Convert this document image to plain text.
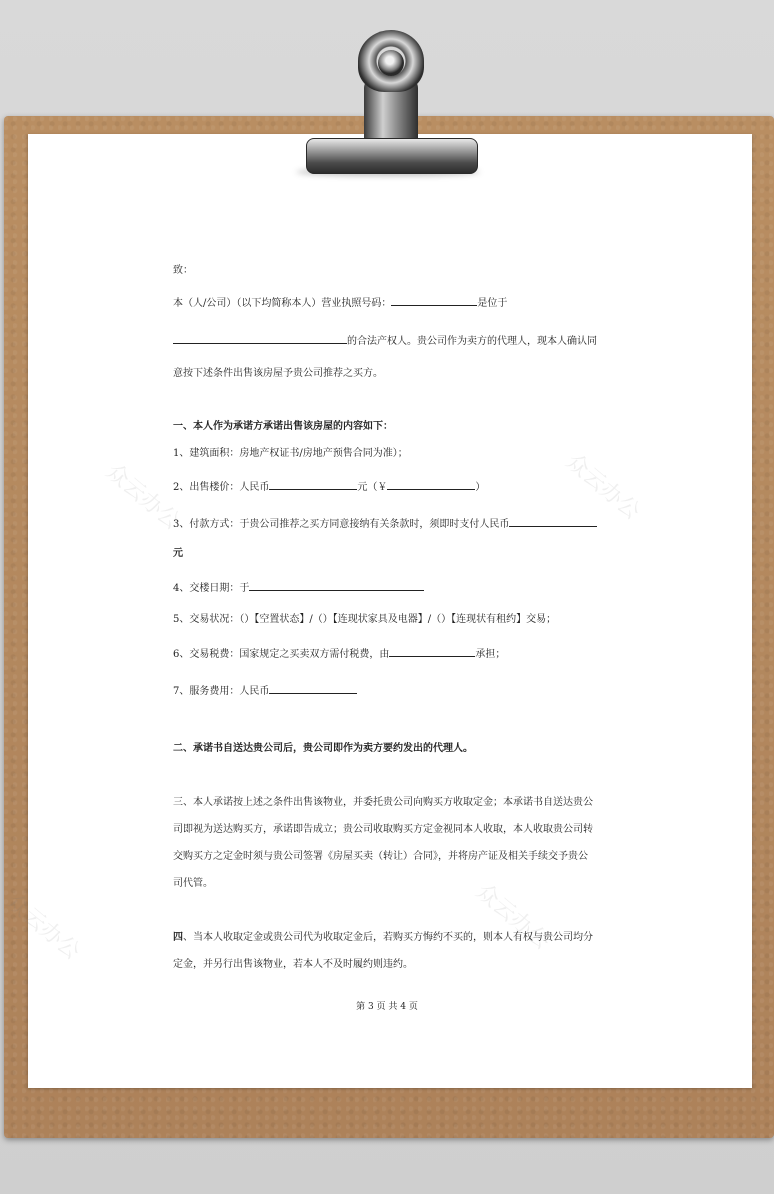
众云办公	众云办公
众云办公	众云办公
致：
本（人/公司）（以下均简称本人）营业执照号码：	是位于
的合法产权人。贵公司作为卖方的代理人，现本人确认同
意按下述条件出售该房屋予贵公司推荐之买方。
一、本人作为承诺方承诺出售该房屋的内容如下：
1、建筑面积：房地产权证书/房地产预售合同为准）；
2、出售楼价：人民币	元（￥	）
3、付款方式：于贵公司推荐之买方同意接纳有关条款时，须即时支付人民币
元
4、交楼日期：于
5、交易状况：（）【空置状态】/（）【连现状家具及电器】/（）【连现状有租约】交易；
6、交易税费：国家规定之买卖双方需付税费，由	承担；
7、服务费用：人民币
二、承诺书自送达贵公司后，贵公司即作为卖方要约发出的代理人。
三、本人承诺按上述之条件出售该物业，并委托贵公司向购买方收取定金；本承诺书自送达贵公
司即视为送达购买方，承诺即告成立；贵公司收取购买方定金视同本人收取，本人收取贵公司转
交购买方之定金时须与贵公司签署《房屋买卖（转让）合同》，并将房产证及相关手续交予贵公
司代管。
四、当本人收取定金或贵公司代为收取定金后，若购买方悔约不买的，则本人有权与贵公司均分
定金，并另行出售该物业，若本人不及时履约则违约。
第 3 页 共 4 页
